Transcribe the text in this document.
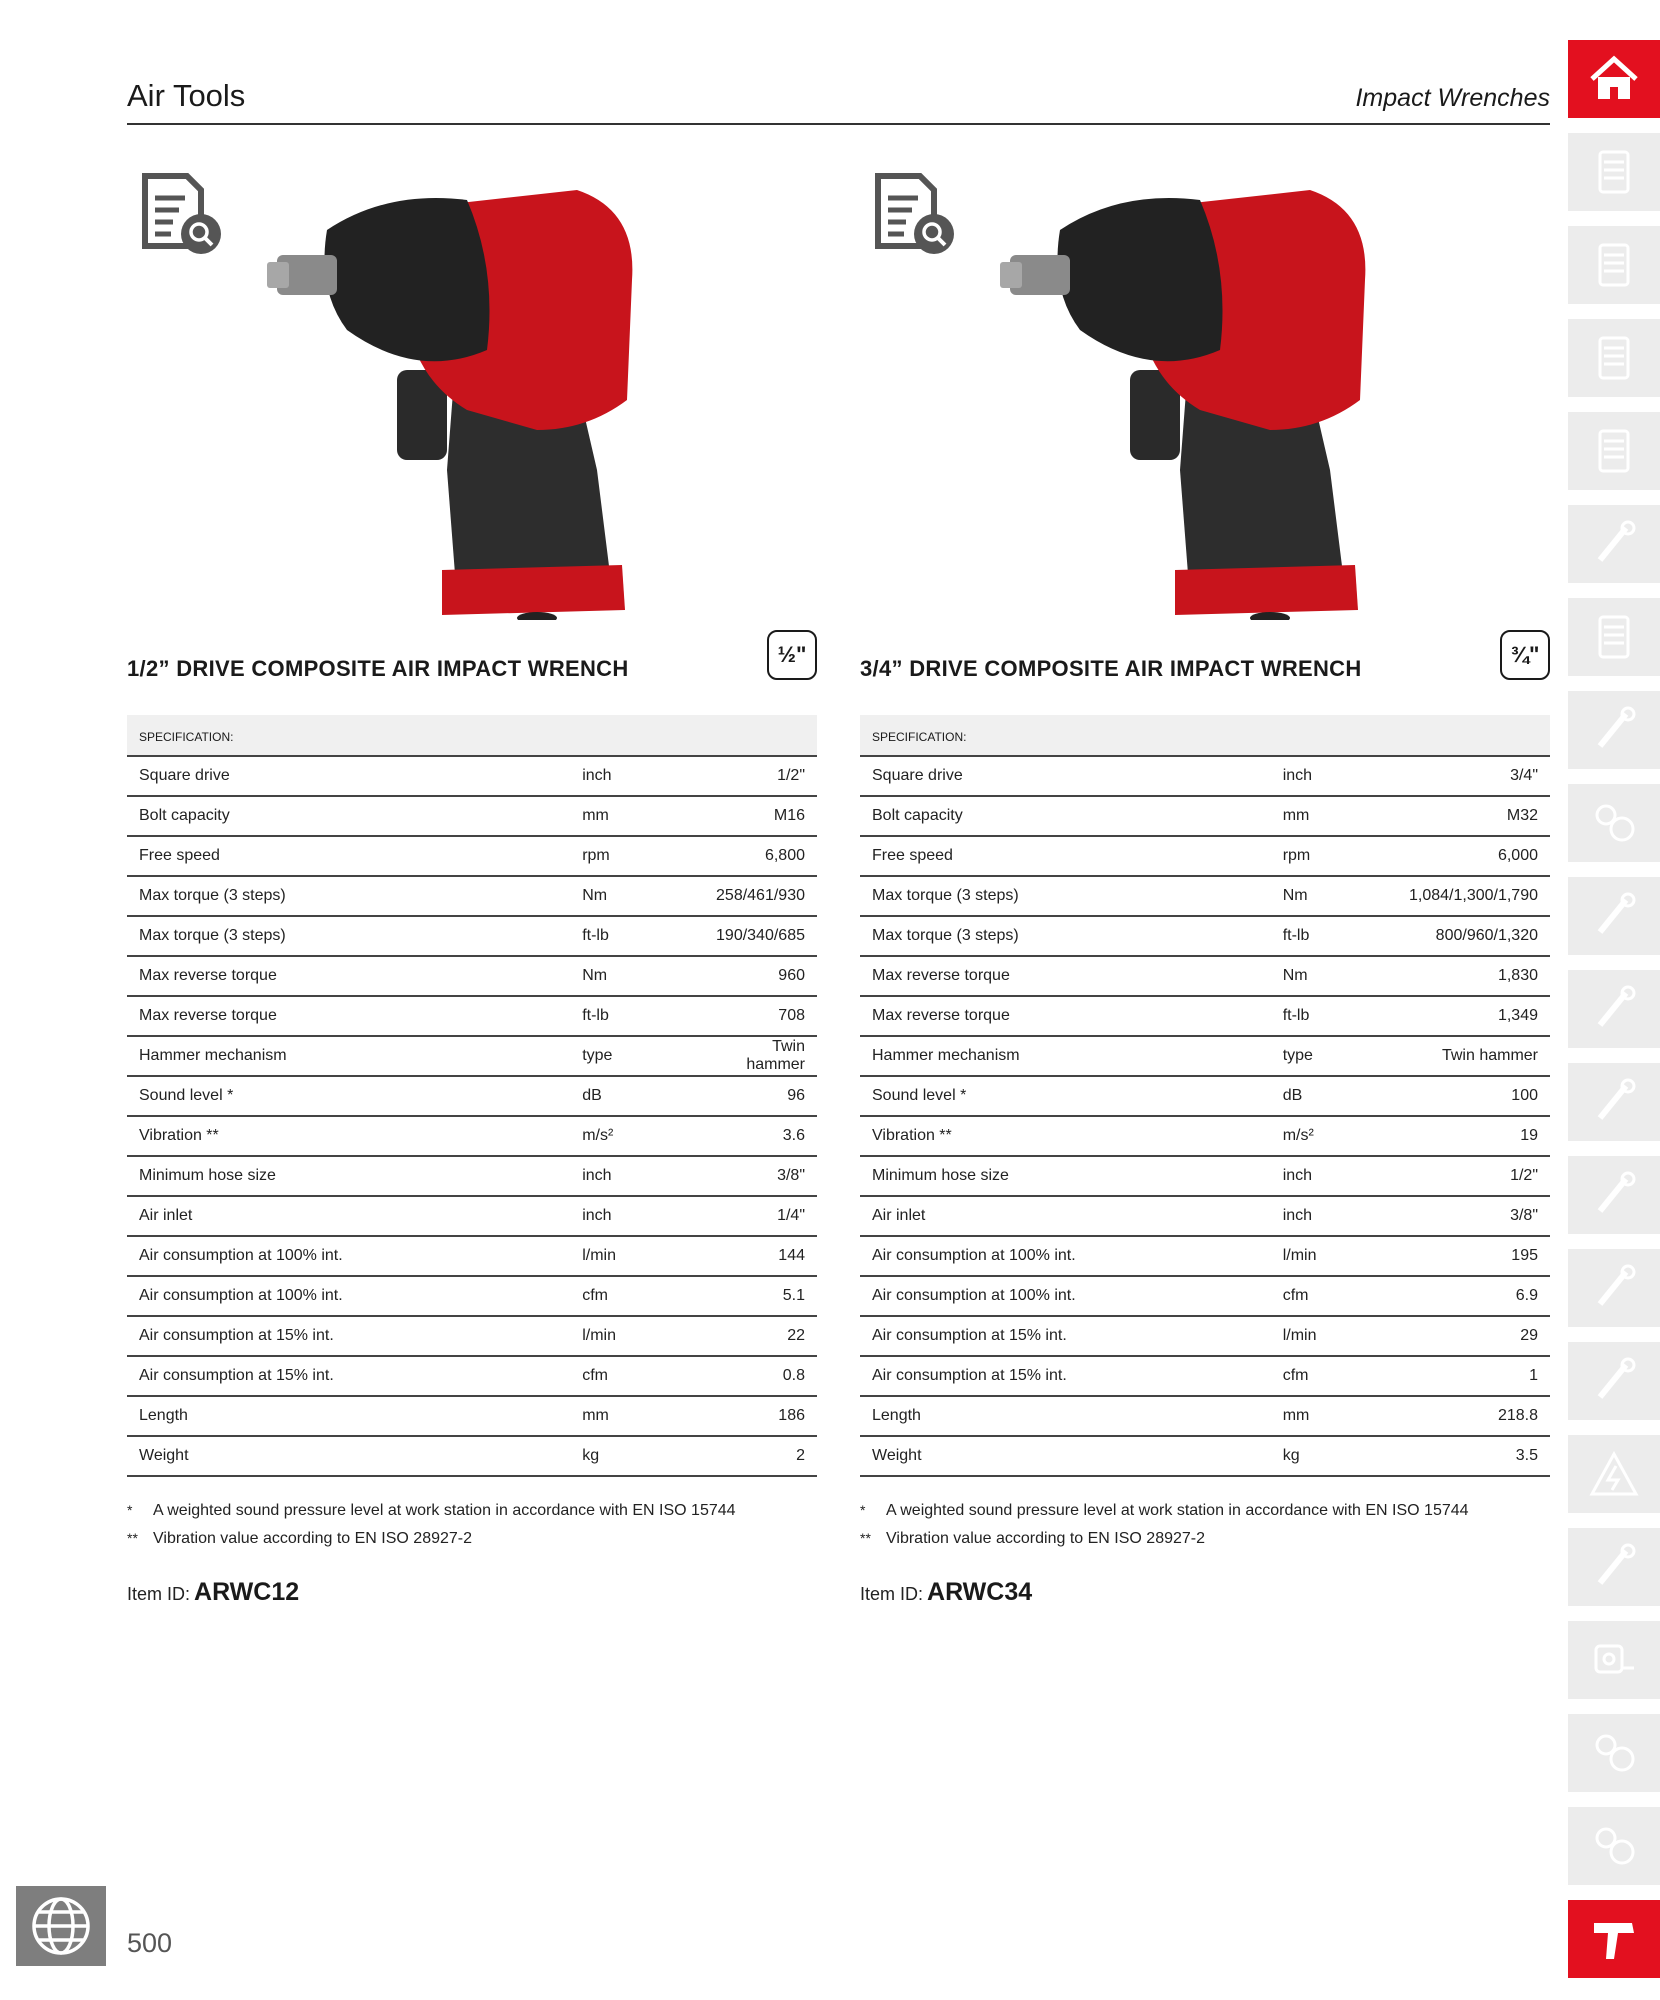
Air Tools	Impact Wrenches
½"
1/2” DRIVE COMPOSITE AIR IMPACT WRENCH
SPECIFICATION:		
Square drive	inch	1/2"
Bolt capacity	mm	M16
Free speed	rpm	6,800
Max torque (3 steps)	Nm	258/461/930
Max torque (3 steps)	ft-lb	190/340/685
Max reverse torque	Nm	960
Max reverse torque	ft-lb	708
Hammer mechanism	type	Twin hammer
Sound level *	dB	96
Vibration **	m/s²	3.6
Minimum hose size	inch	3/8"
Air inlet	inch	1/4"
Air consumption at 100% int.	l/min	144
Air consumption at 100% int.	cfm	5.1
Air consumption at 15% int.	l/min	22
Air consumption at 15% int.	cfm	0.8
Length	mm	186
Weight	kg	2
*	A weighted sound pressure level at work station in accordance with EN ISO 15744
** Vibration value according to EN ISO 28927-2
Item ID: ARWC12
¾"
3/4” DRIVE COMPOSITE AIR IMPACT WRENCH
SPECIFICATION:		
Square drive	inch	3/4"
Bolt capacity	mm	M32
Free speed	rpm	6,000
Max torque (3 steps)	Nm	1,084/1,300/1,790
Max torque (3 steps)	ft-lb	800/960/1,320
Max reverse torque	Nm	1,830
Max reverse torque	ft-lb	1,349
Hammer mechanism	type	Twin hammer
Sound level *	dB	100
Vibration **	m/s²	19
Minimum hose size	inch	1/2"
Air inlet	inch	3/8"
Air consumption at 100% int.	l/min	195
Air consumption at 100% int.	cfm	6.9
Air consumption at 15% int.	l/min	29
Air consumption at 15% int.	cfm	1
Length	mm	218.8
Weight	kg	3.5
*	A weighted sound pressure level at work station in accordance with EN ISO 15744
** Vibration value according to EN ISO 28927-2
Item ID: ARWC34
500
